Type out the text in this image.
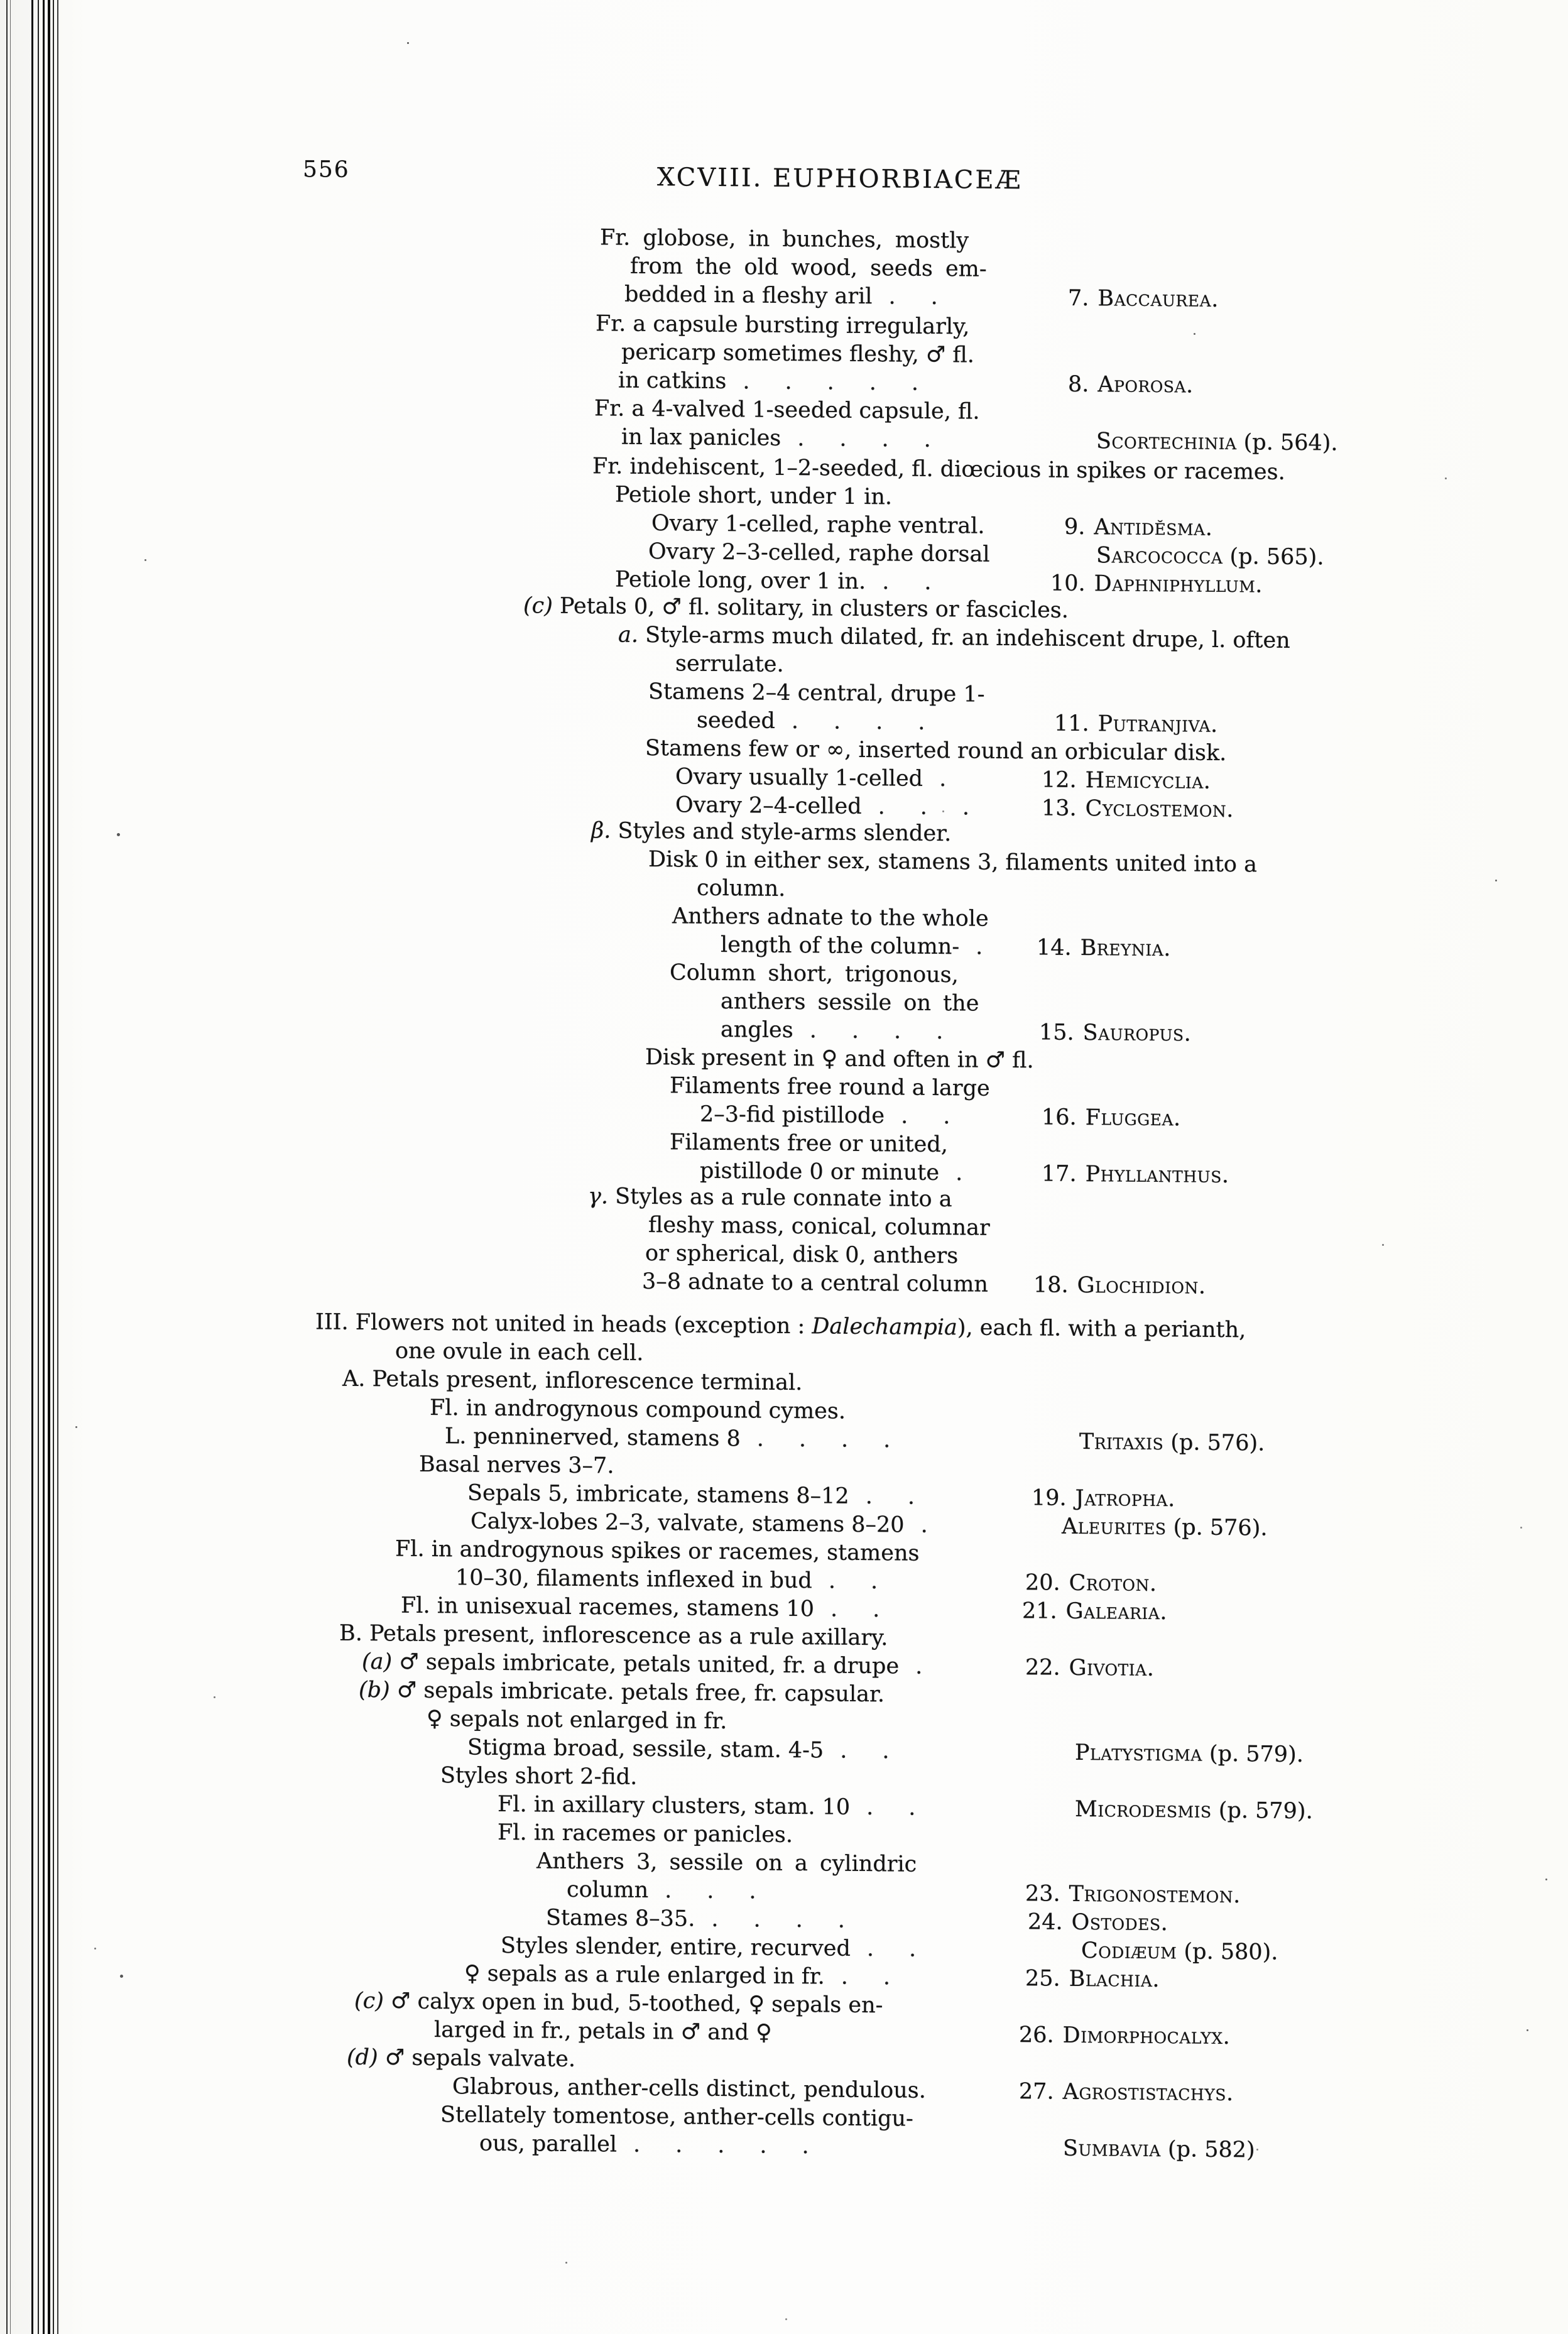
556	XCVIII. EUPHORBIACEÆ
Fr. globose, in bunches, mostly
from the old wood, seeds em-
bedded in a fleshy aril ..	7. Baccaurea.
Fr. a capsule bursting irregularly,
pericarp sometimes fleshy, ♂ fl.
in catkins .....	8. Aporosa.
Fr. a 4-valved 1-seeded capsule, fl.
in lax panicles ....	Scortechinia (p. 564).
Fr. indehiscent, 1–2-seeded, fl. diœcious in spikes or racemes.
Petiole short, under 1 in.
Ovary 1-celled, raphe ventral.	9. Antidĕsma.
Ovary 2–3-celled, raphe dorsal	Sarcococca (p. 565).
Petiole long, over 1 in. ..	10. Daphniphyllum.
(c) Petals 0, ♂ fl. solitary, in clusters or fascicles.
a. Style-arms much dilated, fr. an indehiscent drupe, l. often
serrulate.
Stamens 2–4 central, drupe 1-
seeded ....	11. Putranjiva.
Stamens few or ∞, inserted round an orbicular disk.
Ovary usually 1-celled .	12. Hemicyclia.
Ovary 2–4-celled ... 13. Cyclostemon.
β. Styles and style-arms slender.
Disk 0 in either sex, stamens 3, filaments united into a
column.
Anthers adnate to the whole
length of the column- . 14. Breynia.
Column short, trigonous,
anthers sessile on the
angles ....	15. Sauropus.
Disk present in ♀ and often in ♂ fl.
Filaments free round a large
2–3-fid pistillode ..	16. Fluggea.
Filaments free or united,
pistillode 0 or minute . 17. Phyllanthus.
γ. Styles as a rule connate into a
fleshy mass, conical, columnar
or spherical, disk 0, anthers
3–8 adnate to a central column 18. Glochidion.
III. Flowers not united in heads (exception : Dalechampia), each fl. with a perianth,
one ovule in each cell.
A. Petals present, inflorescence terminal.
Fl. in androgynous compound cymes.
L. penninerved, stamens 8 ....	Tritaxis (p. 576).
Basal nerves 3–7.
Sepals 5, imbricate, stamens 8–12 ..	19. Jatropha.
Calyx-lobes 2–3, valvate, stamens 8–20 .	Aleurites (p. 576).
Fl. in androgynous spikes or racemes, stamens
10–30, filaments inflexed in bud ..	20. Croton.
Fl. in unisexual racemes, stamens 10 ..	21. Galearia.
B. Petals present, inflorescence as a rule axillary.
(a) ♂ sepals imbricate, petals united, fr. a drupe .	22. Givotia.
(b) ♂ sepals imbricate. petals free, fr. capsular.
♀ sepals not enlarged in fr.
Stigma broad, sessile, stam. 4-5 ..	Platystigma (p. 579).
Styles short 2-fid.
Fl. in axillary clusters, stam. 10 ..	Microdesmis (p. 579).
Fl. in racemes or panicles.
Anthers 3, sessile on a cylindric
column ...	23. Trigonostemon.
Stames 8–35. ....	24. Ostodes.
Styles slender, entire, recurved ..	Codiæum (p. 580).
♀ sepals as a rule enlarged in fr. ..	25. Blachia.
(c) ♂ calyx open in bud, 5-toothed, ♀ sepals en-
larged in fr., petals in ♂ and ♀	26. Dimorphocalyx.
(d) ♂ sepals valvate.
Glabrous, anther-cells distinct, pendulous.	27. Agrostistachys.
Stellately tomentose, anther-cells contigu-
ous, parallel .....	Sumbavia (p. 582)
